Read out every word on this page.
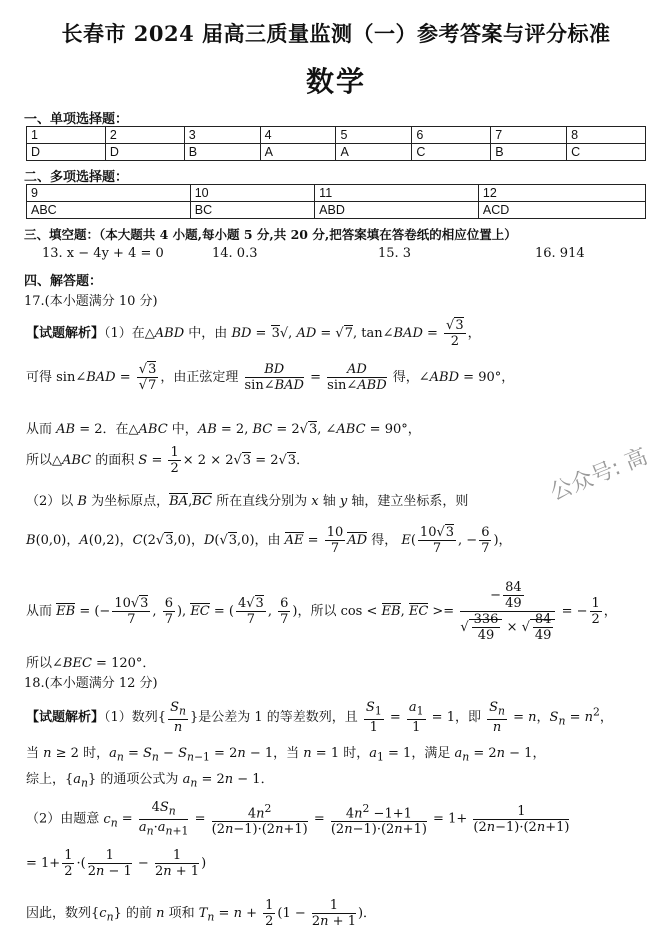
长春市 2024 届高三质量监测（一）参考答案与评分标准
数学
一、单项选择题：
1	2	3	4	5	6	7	8
D	D	B	A	A	C	B	C
二、多项选择题：
9	10	11	12
ABC	BC	ABD	ACD
三、填空题：（本大题共 4 小题,每小题 5 分,共 20 分,把答案填在答卷纸的相应位置上）
13. x − 4y + 4 = 0	14. 0.3	15. 3	16. 914
四、解答题：
17.(本小题满分 10 分)
【试题解析】（1）在△ABD 中，由 BD = 3√, AD = √7, tan∠BAD = $\frac{√3}{2}$ ，
可得 sin∠BAD = $\frac{√3}{√7}$ ，由正弦定理 $\frac{BD}{\text{sin∠BAD}} = \frac{AD}{\text{sin∠ABD}}$ 得，∠ABD = 90°，
从而 AB = 2．在△ABC 中，AB = 2, BC = 2√3, ∠ABC = 90°，
所以△ABC 的面积 $S = \frac{1}{2} \times 2 \times 2√3 = 2√3$．
（2）以 B 为坐标原点，BA,BC 所在直线分别为 x 轴 y 轴，建立坐标系，则
B(0,0)，A(0,2)，C(2√3,0)，D(√3,0)，由 AE = $\frac{10}{7}$ AD 得， $E( \frac{10√3}{7}$ , − $\frac{6}{7}$ )，
从而 EB = (− $\frac{10√3}{7}$ , $\frac{6}{7}$ ), EC = ( $\frac{4√3}{7}$ , $\frac{6}{7}$ )，所以 cos < EB, EC >= $\frac{- \frac{84}{49}}{√ \frac{336}{49} \times √ \frac{84}{49}}$ = − $\frac{1}{2}$ ，
所以∠BEC = 120°．
18.(本小题满分 12 分)
【试题解析】（1）数列{ $\frac{S_n}{n}$ }是公差为 1 的等差数列，且 $\frac{S_1}{1} = \frac{a_1}{1} = 1$，即 $\frac{S_n}{n} = n$，$S_n = n^2$，
当 n ≥ 2 时，$a_n = S_n - S_{n-1} = 2n - 1$，当 n = 1 时，$a_1 = 1$，满足 $a_n = 2n - 1$，
综上，$\{a_n\}$ 的通项公式为 $a_n = 2n - 1$．
（2）由题意 $c_n = \frac{4S_n}{a_n\cdot a_{n+1}} = \frac{4n^2}{(2n-1)\cdot(2n+1)} = \frac{4n^2 -1+1}{(2n-1)\cdot(2n+1)} = 1+ \frac{1}{(2n-1)\cdot(2n+1)}$
= $1+ \frac{1}{2}$ ·( $\frac{1}{2n - 1} - \frac{1}{2n + 1}$ )
因此，数列$\{c_n\}$ 的前 n 项和 $T_n = n + \frac{1}{2} (1 - \frac{1}{2n + 1}$ )．
公众号: 高
